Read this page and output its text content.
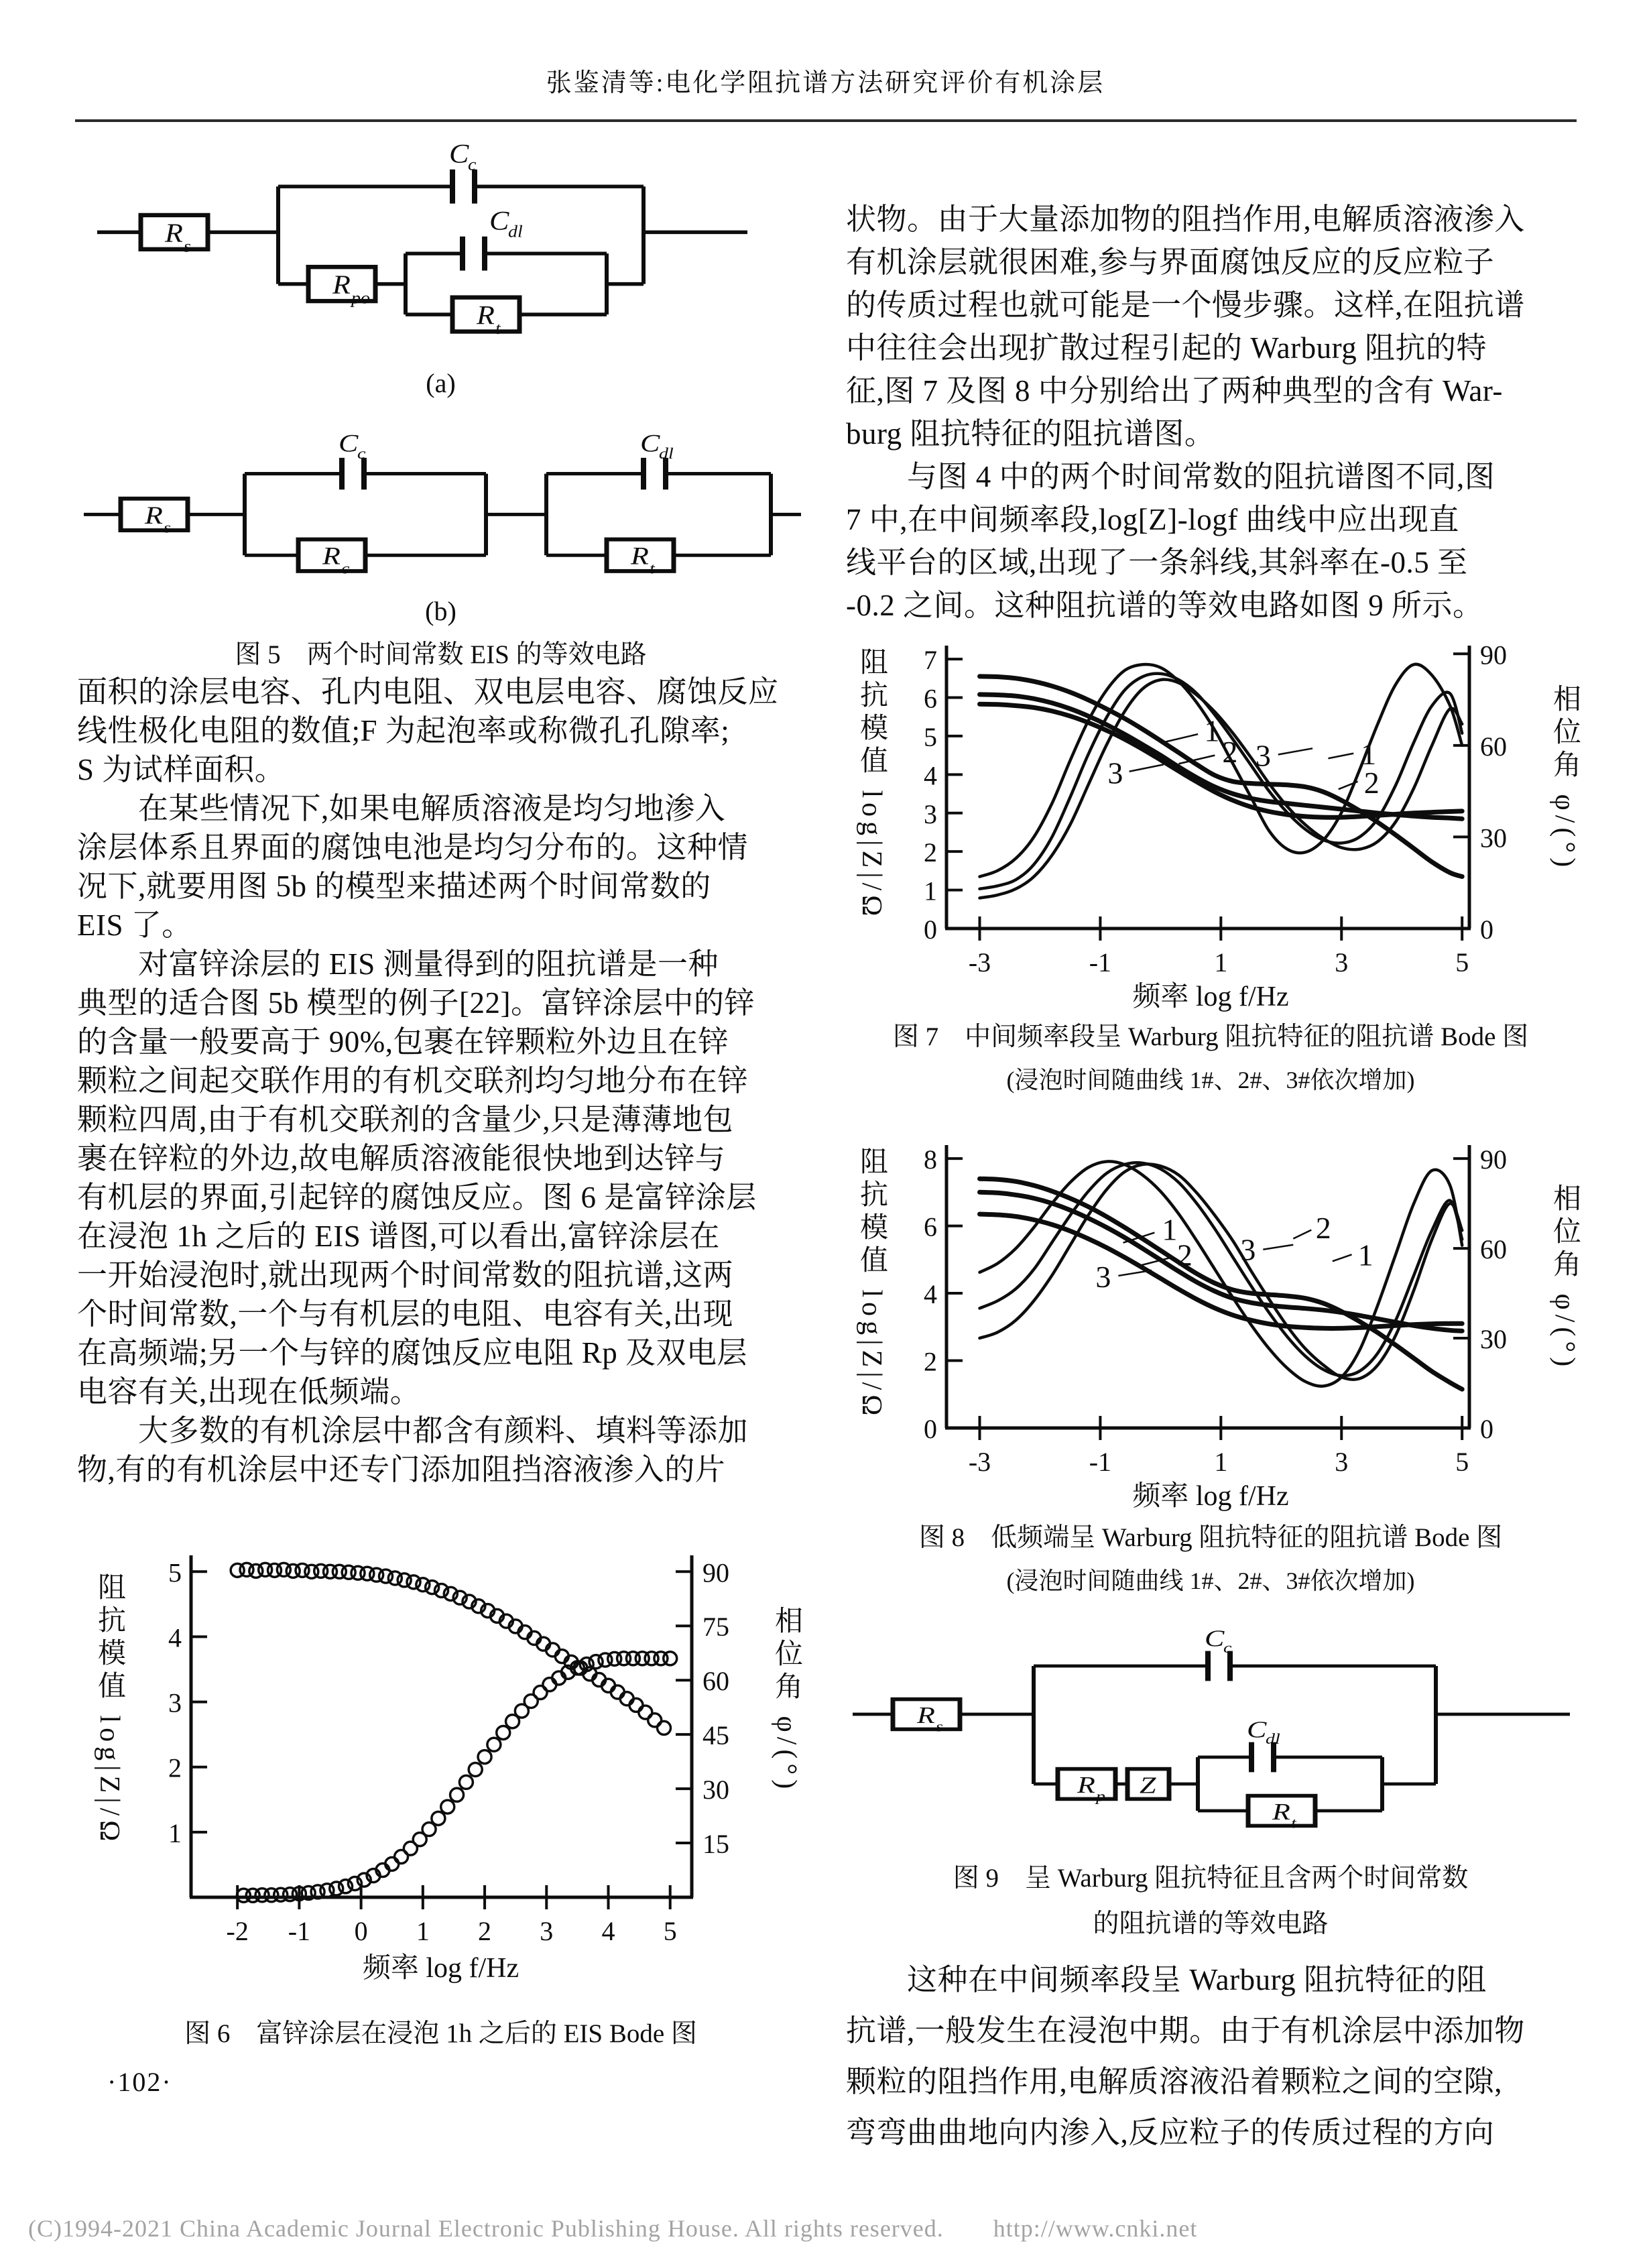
张鉴清等:电化学阻抗谱方法研究评价有机涂层
R s
C
c
C
dl
R po
R t
(a)
R s
C
c
R c
C
dl
R t
(b)
图 5　两个时间常数 EIS 的等效电路
面积的涂层电容、孔内电阻、双电层电容、腐蚀反应
线性极化电阻的数值;F 为起泡率或称微孔孔隙率;
S 为试样面积。
　　在某些情况下,如果电解质溶液是均匀地渗入
涂层体系且界面的腐蚀电池是均匀分布的。这种情
况下,就要用图 5b 的模型来描述两个时间常数的
EIS 了。
　　对富锌涂层的 EIS 测量得到的阻抗谱是一种
典型的适合图 5b 模型的例子[22]。富锌涂层中的锌
的含量一般要高于 90%,包裹在锌颗粒外边且在锌
颗粒之间起交联作用的有机交联剂均匀地分布在锌
颗粒四周,由于有机交联剂的含量少,只是薄薄地包
裹在锌粒的外边,故电解质溶液能很快地到达锌与
有机层的界面,引起锌的腐蚀反应。图 6 是富锌涂层
在浸泡 1h 之后的 EIS 谱图,可以看出,富锌涂层在
一开始浸泡时,就出现两个时间常数的阻抗谱,这两
个时间常数,一个与有机层的电阻、电容有关,出现
在高频端;另一个与锌的腐蚀反应电阻 Rp 及双电层
电容有关,出现在低频端。
　　大多数的有机涂层中都含有颜料、填料等添加
物,有的有机涂层中还专门添加阻挡溶液渗入的片
1
2
3
4
5
15
30
45
60
75
90
-2 -1 0 1 2 3 4 5
阻抗模值 log|Z|/Ω	相位角 φ/(°)
频率 log f/Hz
图 6　富锌涂层在浸泡 1h 之后的 EIS Bode 图
·102·
状物。由于大量添加物的阻挡作用,电解质溶液渗入
有机涂层就很困难,参与界面腐蚀反应的反应粒子
的传质过程也就可能是一个慢步骤。这样,在阻抗谱
中往往会出现扩散过程引起的 Warburg 阻抗的特
征,图 7 及图 8 中分别给出了两种典型的含有 War-
burg 阻抗特征的阻抗谱图。
　　与图 4 中的两个时间常数的阻抗谱图不同,图
7 中,在中间频率段,log[Z]-logf 曲线中应出现直
线平台的区域,出现了一条斜线,其斜率在-0.5 至
-0.2 之间。这种阻抗谱的等效电路如图 9 所示。
0
1
2
3
4
5
6
7
0
30
60
90
-3	-1	1	3	5
1
2
3
3	1
2
阻抗模值 log|Z|/Ω	相位角 φ/(°)
频率 log f/Hz
图 7　中间频率段呈 Warburg 阻抗特征的阻抗谱 Bode 图
(浸泡时间随曲线 1#、2#、3#依次增加)
0
2
4
6
8
0
30
60
90
-3	-1	1	3	5
1
2
3
3
2
1
阻抗模值 log|Z|/Ω	相位角 φ/(°)
频率 log f/Hz
图 8　低频端呈 Warburg 阻抗特征的阻抗谱 Bode 图
(浸泡时间随曲线 1#、2#、3#依次增加)
R s
C
c
R p Z
C
dl
R t
图 9　呈 Warburg 阻抗特征且含两个时间常数
的阻抗谱的等效电路
　　这种在中间频率段呈 Warburg 阻抗特征的阻
抗谱,一般发生在浸泡中期。由于有机涂层中添加物
颗粒的阻挡作用,电解质溶液沿着颗粒之间的空隙,
弯弯曲曲地向内渗入,反应粒子的传质过程的方向
(C)1994-2021 China Academic Journal Electronic Publishing House. All rights reserved.　　http://www.cnki.net
